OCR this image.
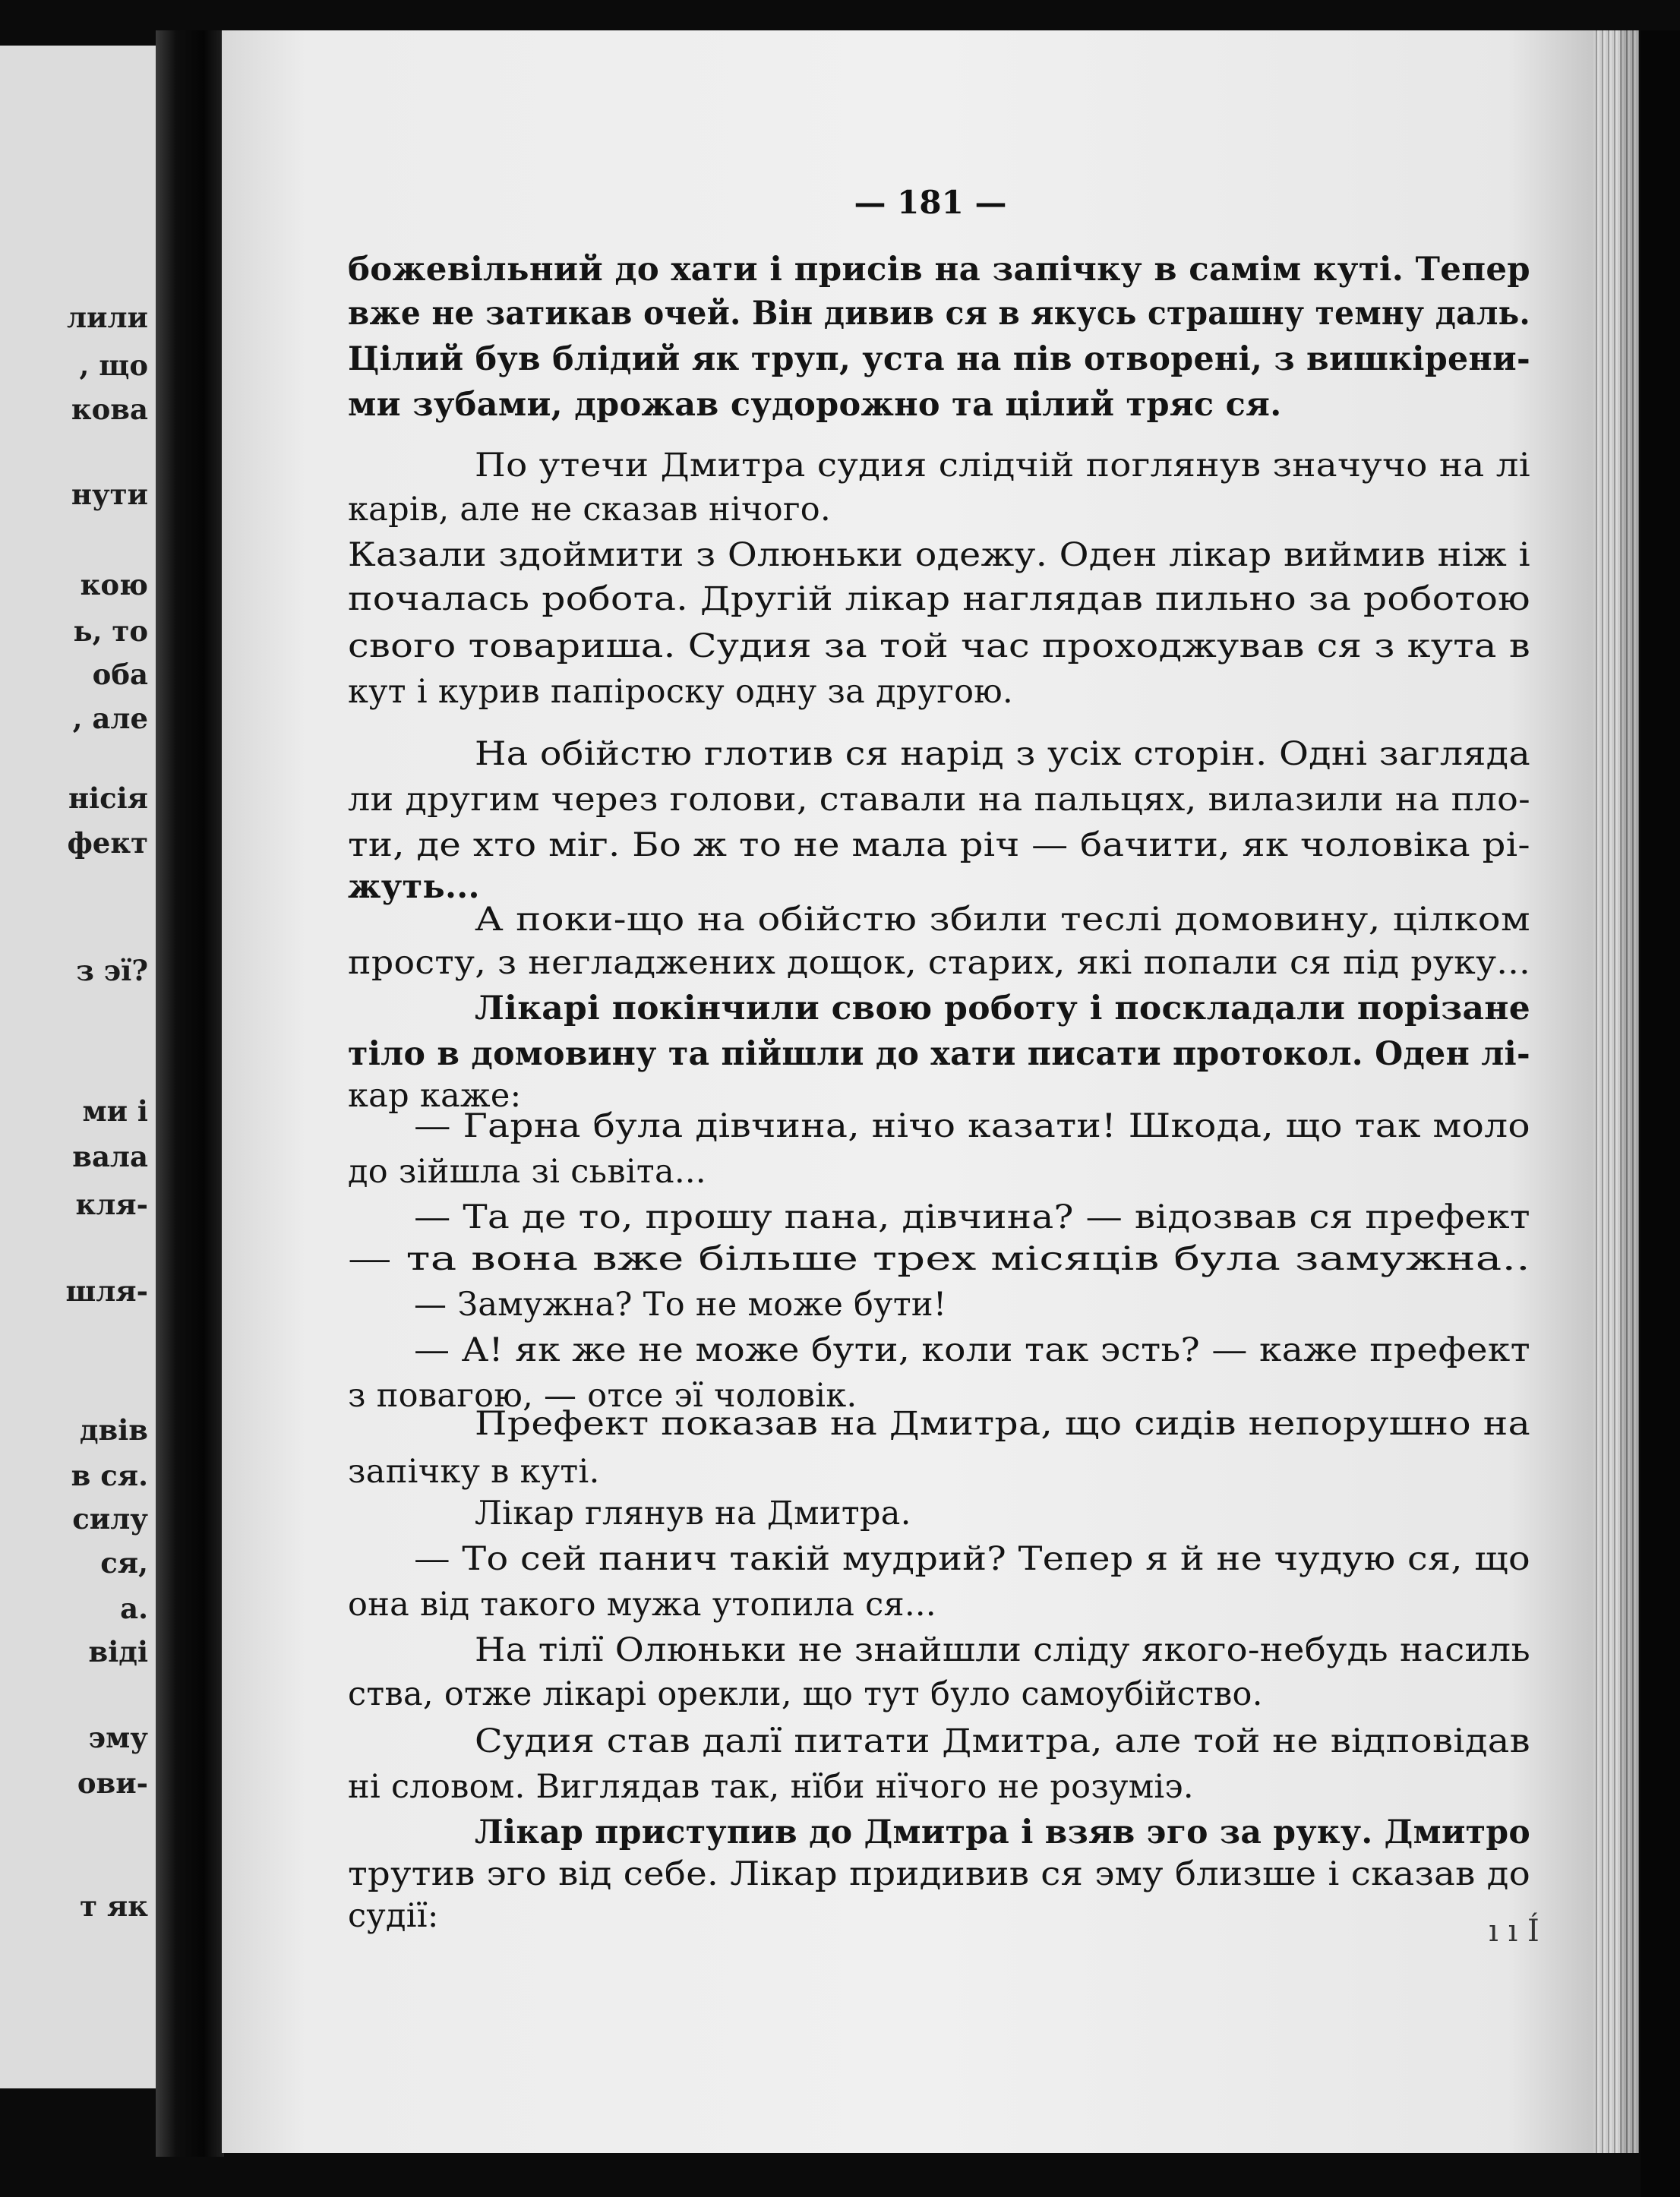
лили
, що
кова
нути
кою
ь, то
оба
, але
нісія
фект
з эї?
ми і
вала
кля-
шля-
двів
в ся.
силу
ся,
а.
віді
эму
ови-
т як
— 181 —
божевільний до хати і присів на запічку в самім куті. Тепер
вже не затикав очей. Він дивив ся в якусь страшну темну даль.
Цілий був блідий як труп, уста на пів отворені, з вишкірени-
ми зубами, дрожав судорожно та цілий тряс ся.
По утечи Дмитра судия слідчій поглянув значучо на лі
карів, але не сказав нічого.
Казали здоймити з Олюньки одежу. Оден лікар виймив ніж і
почалась робота. Другій лікар наглядав пильно за роботою
свого товариша. Судия за той час проходжував ся з кута в
кут і курив папіроску одну за другою.
На обійстю глотив ся нарід з усіх сторін. Одні загляда
ли другим через голови, ставали на пальцях, вилазили на пло-
ти, де хто міг. Бо ж то не мала річ — бачити, як чоловіка рі-
жуть...
А поки-що на обійстю збили теслі домовину, цілком
просту, з негладжених дощок, старих, які попали ся під руку...
Лікарі покінчили свою роботу і поскладали порізане
тіло в домовину та пійшли до хати писати протокол. Оден лі-
кар каже:
— Гарна була дівчина, нічо казати! Шкода, що так моло
до зійшла зі сьвіта...
— Та де то, прошу пана, дівчина? — відозвав ся префект
— та вона вже більше трех місяців була замужна..
— Замужна? То не може бути!
— А! як же не може бути, коли так эсть? — каже префект
з повагою, — отсе эї чоловік.
Префект показав на Дмитра, що сидів непорушно на
запічку в куті.
Лікар глянув на Дмитра.
— То сей панич такій мудрий? Тепер я й не чудую ся, що
она від такого мужа утопила ся...
На тілї Олюньки не знайшли сліду якого-небудь насиль
ства, отже лікарі орекли, що тут було самоубійство.
Судия став далї питати Дмитра, але той не відповідав
ні словом. Виглядав так, нїби нїчого не розуміэ.
Лікар приступив до Дмитра і взяв эго за руку. Дмитро
трутив эго від себе. Лікар придивив ся эму близше і сказав до
судії:	ı ı Í
